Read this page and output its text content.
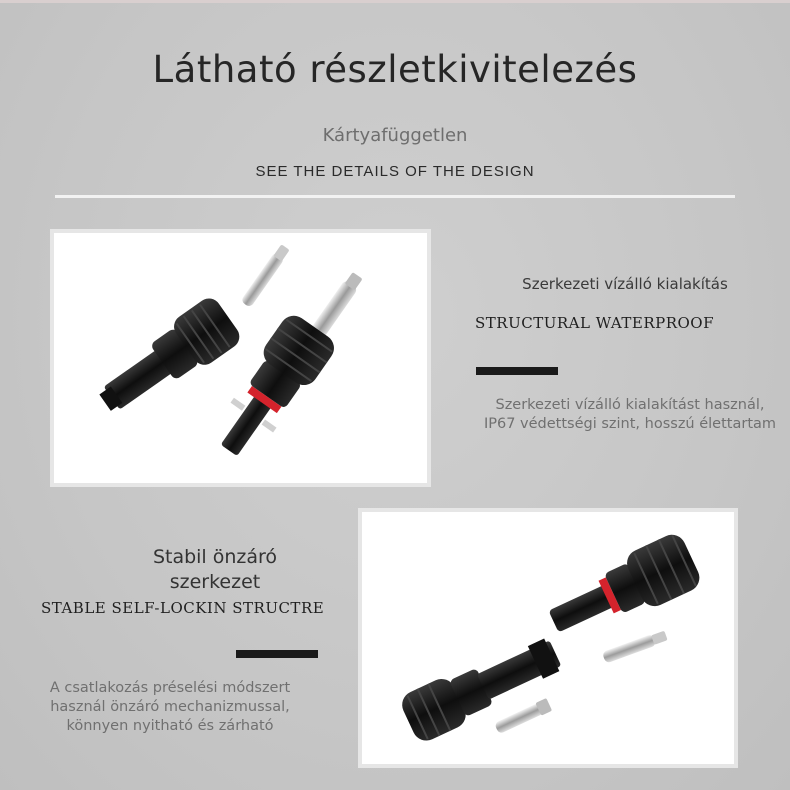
Látható részletkivitelezés
Kártyafüggetlen
SEE THE DETAILS OF THE DESIGN
Szerkezeti vízálló kialakítás
STRUCTURAL WATERPROOF
Szerkezeti vízálló kialakítást használ,
IP67 védettségi szint, hosszú élettartam
Stabil önzáró
szerkezet
STABLE SELF-LOCKIN STRUCTRE
A csatlakozás préselési módszert
használ önzáró mechanizmussal,
könnyen nyitható és zárható
